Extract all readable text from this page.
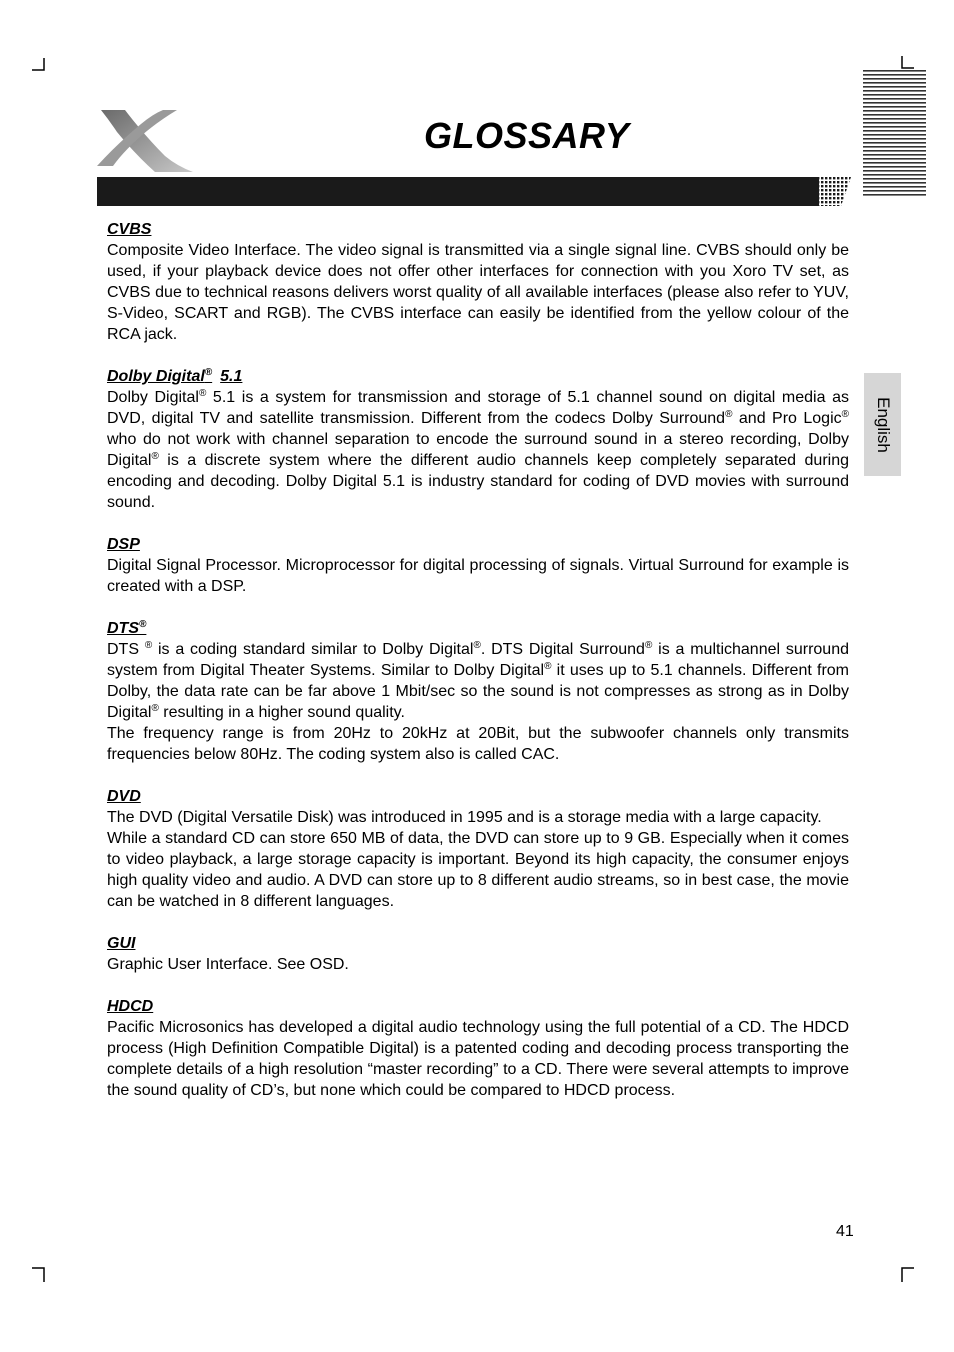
GLOSSARY
English
CVBS

Composite Video Interface. The video signal is transmitted via a single signal line. CVBS should only be used, if your playback device does not offer other interfaces for connection with you Xoro TV set, as CVBS due to technical reasons delivers worst quality of all available interfaces (please also refer to YUV, S-Video, SCART and RGB). The CVBS interface can easily be identified from the yellow colour of the RCA jack.

Dolby Digital® 5.1

Dolby Digital® 5.1 is a system for transmission and storage of 5.1 channel sound on digital media as DVD, digital TV and satellite transmission. Different from the codecs Dolby Surround® and Pro Logic® who do not work with channel separation to encode the surround sound in a stereo recording, Dolby Digital® is a discrete system where the different audio channels keep completely separated during encoding and decoding. Dolby Digital 5.1 is industry standard for coding of DVD movies with surround sound.

DSP

Digital Signal Processor. Microprocessor for digital processing of signals. Virtual Surround for example is created with a DSP.

DTS®

DTS ® is a coding standard similar to Dolby Digital®. DTS Digital Surround® is a multichannel surround system from Digital Theater Systems. Similar to Dolby Digital® it uses up to 5.1 channels. Different from Dolby, the data rate can be far above 1 Mbit/sec so the sound is not compresses as strong as in Dolby Digital® resulting in a higher sound quality.

The frequency range is from 20Hz to 20kHz at 20Bit, but the subwoofer channels only transmits frequencies below 80Hz. The coding system also is called CAC.

DVD

The DVD (Digital Versatile Disk) was introduced in 1995 and is a storage media with a large capacity.

While a standard CD can store 650 MB of data, the DVD can store up to 9 GB. Especially when it comes to video playback, a large storage capacity is important. Beyond its high capacity, the consumer enjoys high quality video and audio. A DVD can store up to 8 different audio streams, so in best case, the movie can be watched in 8 different languages.

GUI

Graphic User Interface. See OSD.

HDCD

Pacific Microsonics has developed a digital audio technology using the full potential of a CD. The HDCD process (High Definition Compatible Digital) is a patented coding and decoding process transporting the complete details of a high resolution “master recording” to a CD. There were several attempts to improve the sound quality of CD’s, but none which could be compared to HDCD process.

41
